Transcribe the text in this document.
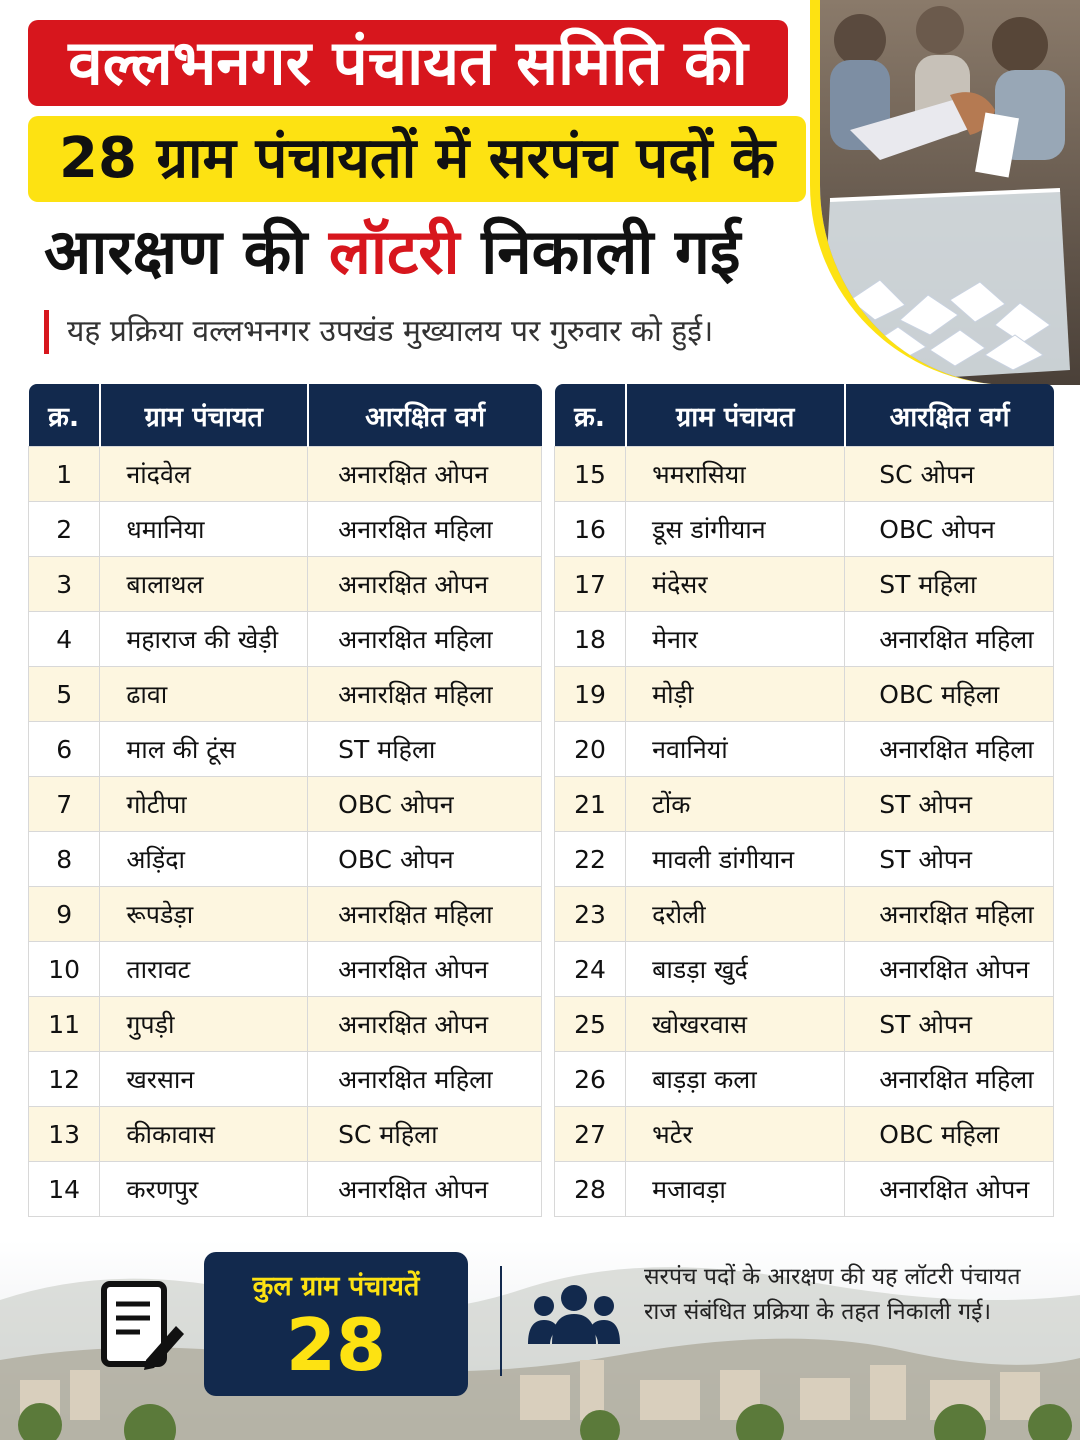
वल्लभनगर पंचायत समिति की
28 ग्राम पंचायतों में सरपंच पदों के
आरक्षण की लॉटरी निकाली गई
यह प्रक्रिया वल्लभनगर उपखंड मुख्यालय पर गुरुवार को हुई।
क्र.	ग्राम पंचायत	आरक्षित वर्ग
1	नांदवेल	अनारक्षित ओपन
2	धमानिया	अनारक्षित महिला
3	बालाथल	अनारक्षित ओपन
4	महाराज की खेड़ी	अनारक्षित महिला
5	ढावा	अनारक्षित महिला
6	माल की टूंस	ST महिला
7	गोटीपा	OBC ओपन
8	अड़िंदा	OBC ओपन
9	रूपडेड़ा	अनारक्षित महिला
10	तारावट	अनारक्षित ओपन
11	गुपड़ी	अनारक्षित ओपन
12	खरसान	अनारक्षित महिला
13	कीकावास	SC महिला
14	करणपुर	अनारक्षित ओपन
क्र.	ग्राम पंचायत	आरक्षित वर्ग
15	भमरासिया	SC ओपन
16	डूस डांगीयान	OBC ओपन
17	मंदेसर	ST महिला
18	मेनार	अनारक्षित महिला
19	मोड़ी	OBC महिला
20	नवानियां	अनारक्षित महिला
21	टोंक	ST ओपन
22	मावली डांगीयान	ST ओपन
23	दरोली	अनारक्षित महिला
24	बाडड़ा खुर्द	अनारक्षित ओपन
25	खोखरवास	ST ओपन
26	बाड़ड़ा कला	अनारक्षित महिला
27	भटेर	OBC महिला
28	मजावड़ा	अनारक्षित ओपन
कुल ग्राम पंचायतें
28
सरपंच पदों के आरक्षण की यह लॉटरी पंचायत राज संबंधित प्रक्रिया के तहत निकाली गई।
